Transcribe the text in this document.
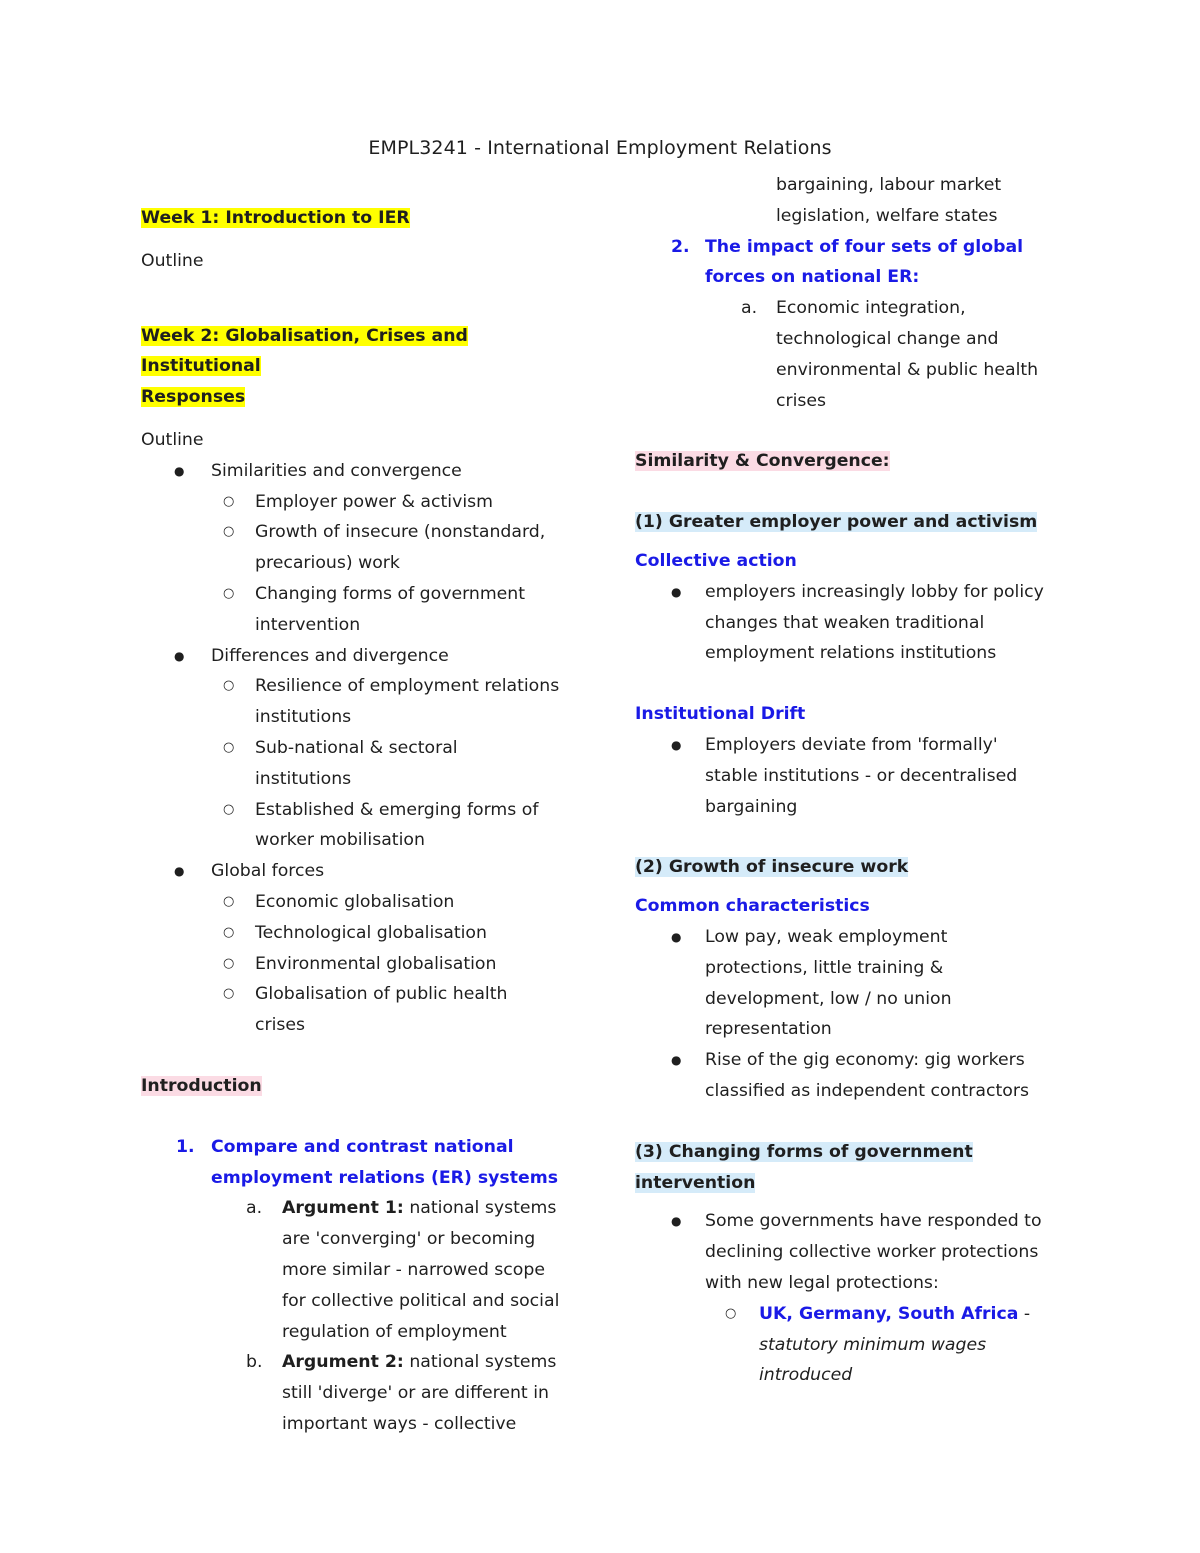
EMPL3241 - International Employment Relations
Week 1: Introduction to IER
Outline
Week 2: Globalisation, Crises and Institutional
Responses
Outline
● Similarities and convergence
○ Employer power & activism
○ Growth of insecure (nonstandard,
precarious) work
○ Changing forms of government
intervention
● Differences and divergence
○ Resilience of employment relations
institutions
○ Sub-national & sectoral
institutions
○ Established & emerging forms of
worker mobilisation
● Global forces
○ Economic globalisation
○ Technological globalisation
○ Environmental globalisation
○ Globalisation of public health
crises
Introduction
1. Compare and contrast national
employment relations (ER) systems
a. Argument 1: national systems
are 'converging' or becoming
more similar - narrowed scope
for collective political and social
regulation of employment
b. Argument 2: national systems
still 'diverge' or are different in
important ways - collective
bargaining, labour market
legislation, welfare states
2. The impact of four sets of global
forces on national ER:
a. Economic integration,
technological change and
environmental & public health
crises
Similarity & Convergence:
(1) Greater employer power and activism
Collective action
● employers increasingly lobby for policy
changes that weaken traditional
employment relations institutions
Institutional Drift
● Employers deviate from 'formally'
stable institutions - or decentralised
bargaining
(2) Growth of insecure work
Common characteristics
● Low pay, weak employment
protections, little training &
development, low / no union
representation
● Rise of the gig economy: gig workers
classified as independent contractors
(3) Changing forms of government
intervention
● Some governments have responded to
declining collective worker protections
with new legal protections:
○ UK, Germany, South Africa -
statutory minimum wages
introduced
